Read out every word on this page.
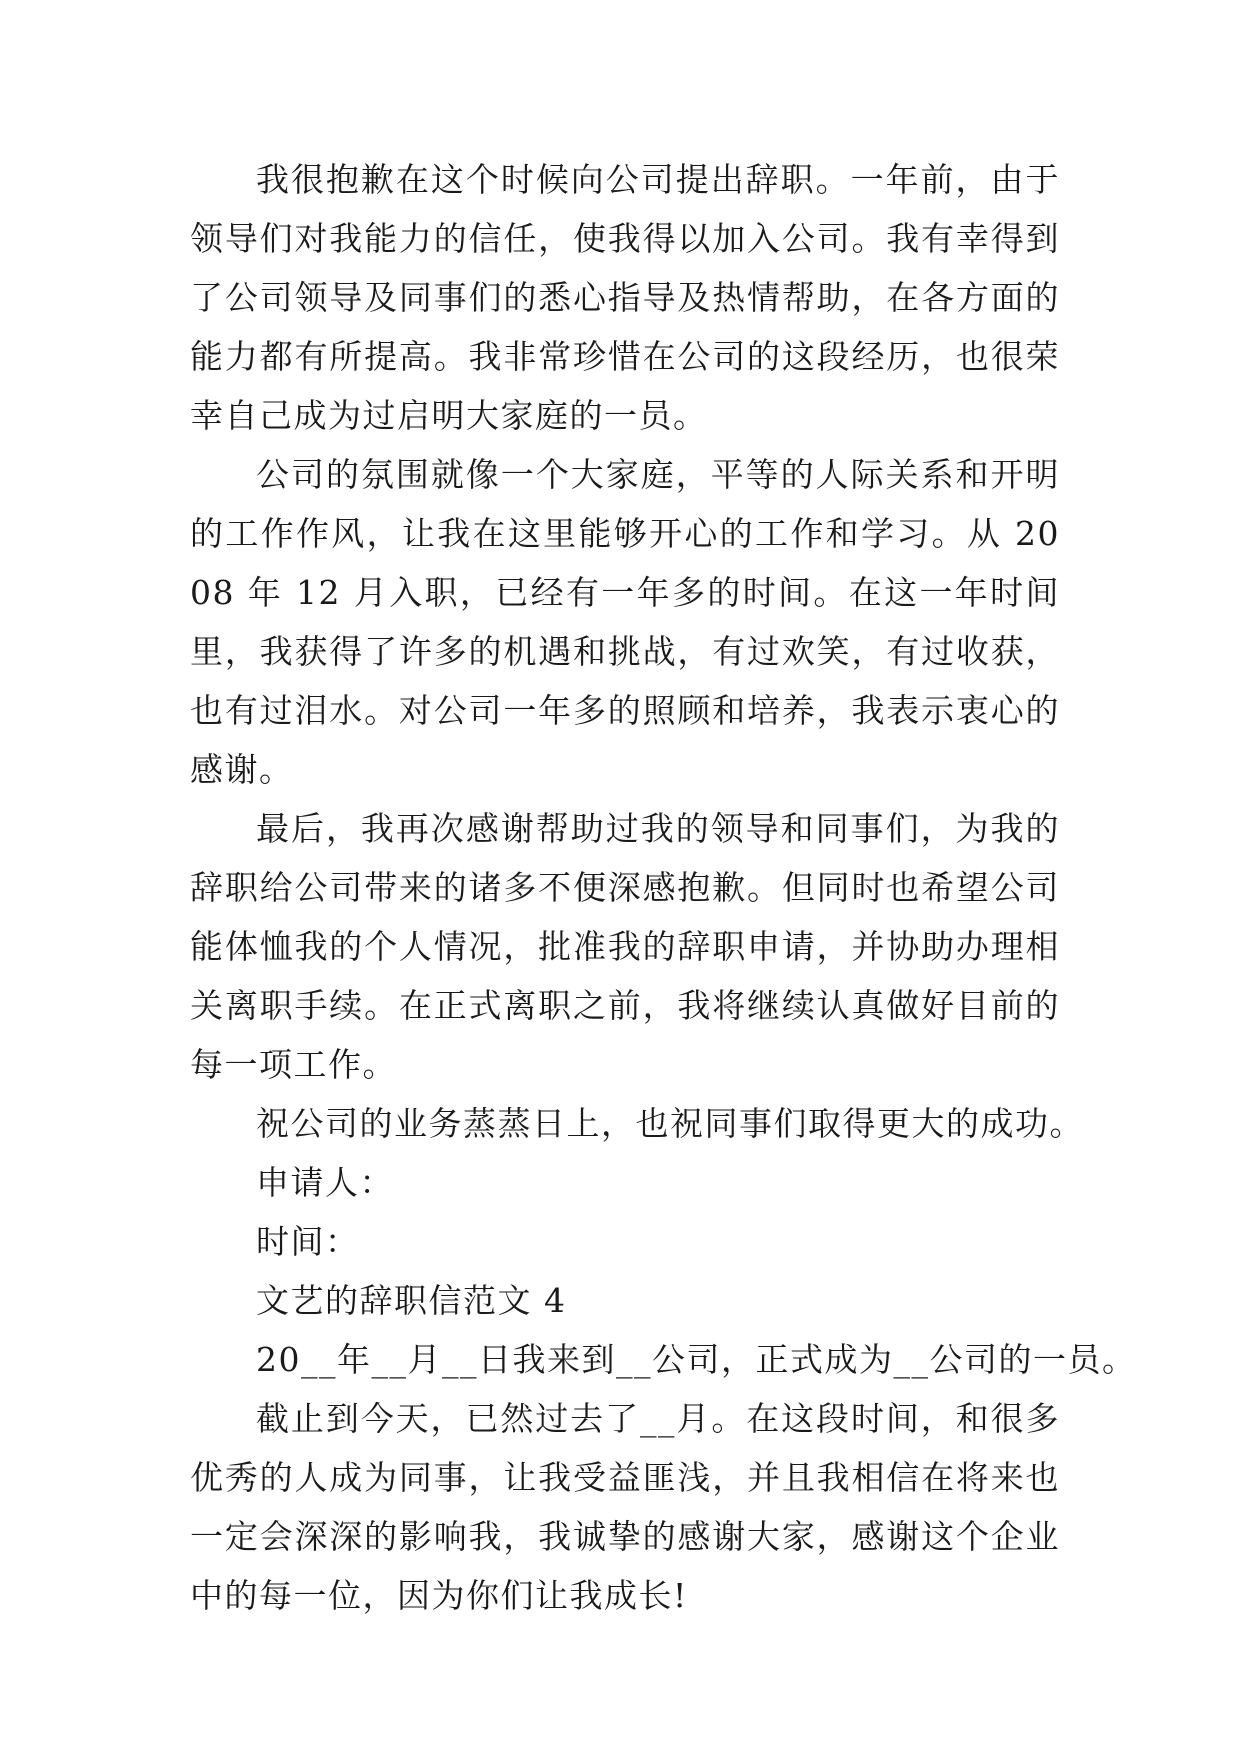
我很抱歉在这个时候向公司提出辞职。一年前，由于领导们对我能力的信任，使我得以加入公司。我有幸得到了公司领导及同事们的悉心指导及热情帮助，在各方面的能力都有所提高。我非常珍惜在公司的这段经历，也很荣幸自己成为过启明大家庭的一员。

公司的氛围就像一个大家庭，平等的人际关系和开明的工作作风，让我在这里能够开心的工作和学习。从 2008 年 12 月入职，已经有一年多的时间。在这一年时间里，我获得了许多的机遇和挑战，有过欢笑，有过收获，也有过泪水。对公司一年多的照顾和培养，我表示衷心的感谢。

最后，我再次感谢帮助过我的领导和同事们，为我的辞职给公司带来的诸多不便深感抱歉。但同时也希望公司能体恤我的个人情况，批准我的辞职申请，并协助办理相关离职手续。在正式离职之前，我将继续认真做好目前的每一项工作。

祝公司的业务蒸蒸日上，也祝同事们取得更大的成功。

申请人：

时间：

文艺的辞职信范文 4

20__年__月__日我来到__公司，正式成为__公司的一员。

截止到今天，已然过去了__月。在这段时间，和很多优秀的人成为同事，让我受益匪浅，并且我相信在将来也一定会深深的影响我，我诚挚的感谢大家，感谢这个企业中的每一位，因为你们让我成长!
